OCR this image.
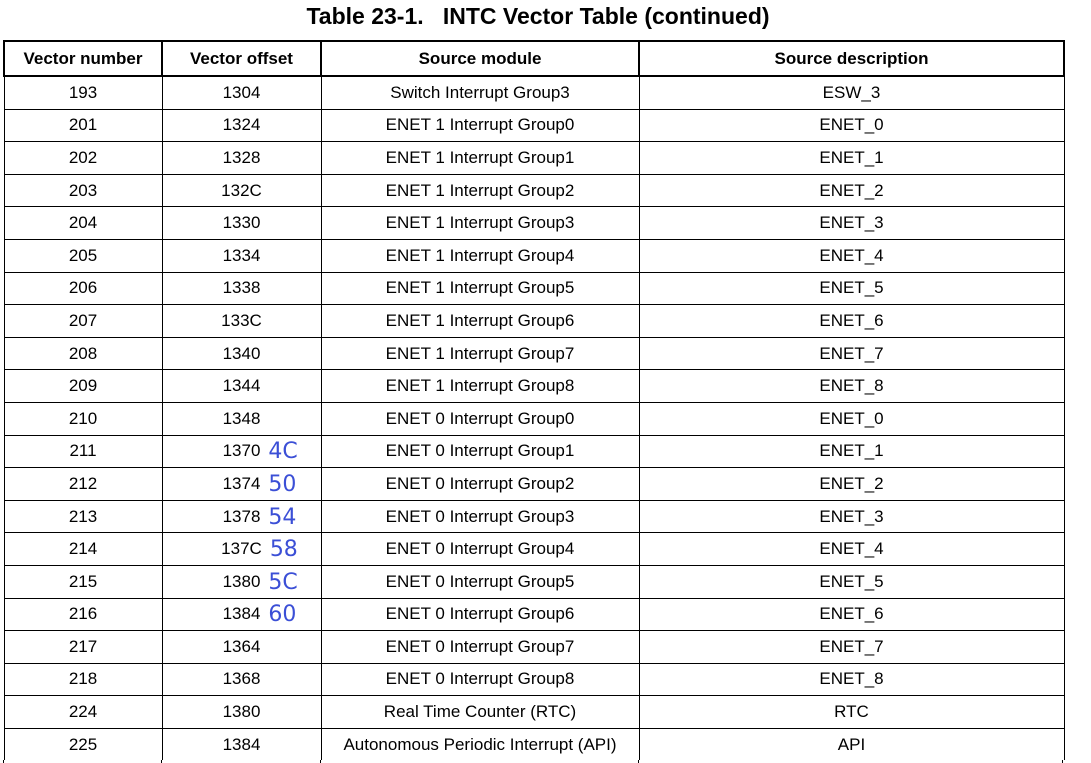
Table 23-1.   INTC Vector Table (continued)
Vector number	Vector offset	Source module	Source description
193	1304	Switch Interrupt Group3	ESW_3
201	1324	ENET 1 Interrupt Group0	ENET_0
202	1328	ENET 1 Interrupt Group1	ENET_1
203	132C	ENET 1 Interrupt Group2	ENET_2
204	1330	ENET 1 Interrupt Group3	ENET_3
205	1334	ENET 1 Interrupt Group4	ENET_4
206	1338	ENET 1 Interrupt Group5	ENET_5
207	133C	ENET 1 Interrupt Group6	ENET_6
208	1340	ENET 1 Interrupt Group7	ENET_7
209	1344	ENET 1 Interrupt Group8	ENET_8
210	1348	ENET 0 Interrupt Group0	ENET_0
211	1370 4C	ENET 0 Interrupt Group1	ENET_1
212	1374 50	ENET 0 Interrupt Group2	ENET_2
213	1378 54	ENET 0 Interrupt Group3	ENET_3
214	137C 58	ENET 0 Interrupt Group4	ENET_4
215	1380 5C	ENET 0 Interrupt Group5	ENET_5
216	1384 60	ENET 0 Interrupt Group6	ENET_6
217	1364	ENET 0 Interrupt Group7	ENET_7
218	1368	ENET 0 Interrupt Group8	ENET_8
224	1380	Real Time Counter (RTC)	RTC
225	1384	Autonomous Periodic Interrupt (API)	API
